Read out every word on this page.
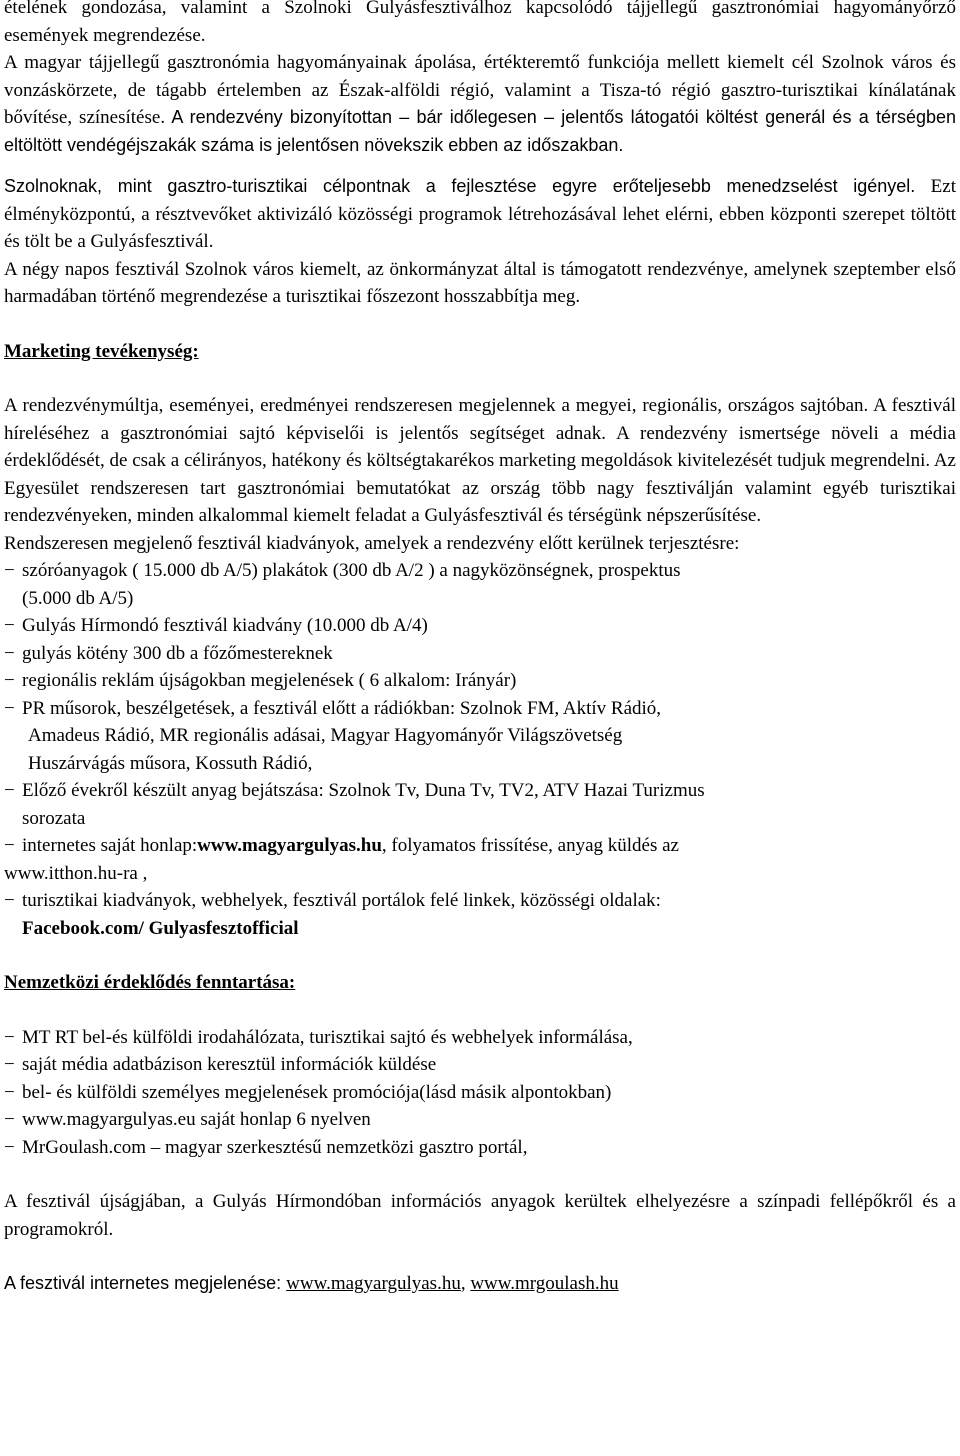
ételének gondozása, valamint a Szolnoki Gulyásfesztiválhoz kapcsolódó tájjellegű gasztronómiai hagyományőrző események megrendezése.

A magyar tájjellegű gasztronómia hagyományainak ápolása, értékteremtő funkciója mellett kiemelt cél Szolnok város és vonzáskörzete, de tágabb értelemben az Észak-alföldi régió, valamint a Tisza-tó régió gasztro-turisztikai kínálatának bővítése, színesítése. A rendezvény bizonyítottan – bár időlegesen – jelentős látogatói költést generál és a térségben eltöltött vendégéjszakák száma is jelentősen növekszik ebben az időszakban.

Szolnoknak, mint gasztro-turisztikai célpontnak a fejlesztése egyre erőteljesebb menedzselést igényel. Ezt élményközpontú, a résztvevőket aktivizáló közösségi programok létrehozásával lehet elérni, ebben központi szerepet töltött és tölt be a Gulyásfesztivál.

A négy napos fesztivál Szolnok város kiemelt, az önkormányzat által is támogatott rendezvénye, amelynek szeptember első harmadában történő megrendezése a turisztikai főszezont hosszabbítja meg.

Marketing tevékenység:

A rendezvénymúltja, eseményei, eredményei rendszeresen megjelennek a megyei, regionális, országos sajtóban. A fesztivál híreléséhez a gasztronómiai sajtó képviselői is jelentős segítséget adnak. A rendezvény ismertsége növeli a média érdeklődését, de csak a célirányos, hatékony és költségtakarékos marketing megoldások kivitelezését tudjuk megrendelni. Az Egyesület rendszeresen tart gasztronómiai bemutatókat az ország több nagy fesztiválján valamint egyéb turisztikai rendezvényeken, minden alkalommal kiemelt feladat a Gulyásfesztivál és térségünk népszerűsítése.

Rendszeresen megjelenő fesztivál kiadványok, amelyek a rendezvény előtt kerülnek terjesztésre:

− szóróanyagok ( 15.000 db A/5) plakátok (300 db A/2 ) a nagyközönségnek, prospektus
(5.000 db A/5)
− Gulyás Hírmondó fesztivál kiadvány (10.000 db A/4)
− gulyás kötény 300 db a főzőmestereknek
− regionális reklám újságokban megjelenések ( 6 alkalom: Irányár)
− PR műsorok, beszélgetések, a fesztivál előtt a rádiókban: Szolnok FM, Aktív Rádió,
Amadeus Rádió, MR regionális adásai, Magyar Hagyományőr Világszövetség
Huszárvágás műsora, Kossuth Rádió,
− Előző évekről készült anyag bejátszása: Szolnok Tv, Duna Tv, TV2, ATV Hazai Turizmus
sorozata
− internetes saját honlap:www.magyargulyas.hu, folyamatos frissítése, anyag küldés az

www.itthon.hu-ra ,

− turisztikai kiadványok, webhelyek, fesztivál portálok felé linkek, közösségi oldalak:
Facebook.com/ Gulyasfesztofficial

Nemzetközi érdeklődés fenntartása:

− MT RT bel-és külföldi irodahálózata, turisztikai sajtó és webhelyek informálása,
− saját média adatbázison keresztül információk küldése
− bel- és külföldi személyes megjelenések promóciója(lásd másik alpontokban)
− www.magyargulyas.eu saját honlap 6 nyelven
− MrGoulash.com – magyar szerkesztésű nemzetközi gasztro portál,

A fesztivál újságjában, a Gulyás Hírmondóban információs anyagok kerültek elhelyezésre a színpadi fellépőkről és a programokról.

A fesztivál internetes megjelenése: www.magyargulyas.hu, www.mrgoulash.hu
